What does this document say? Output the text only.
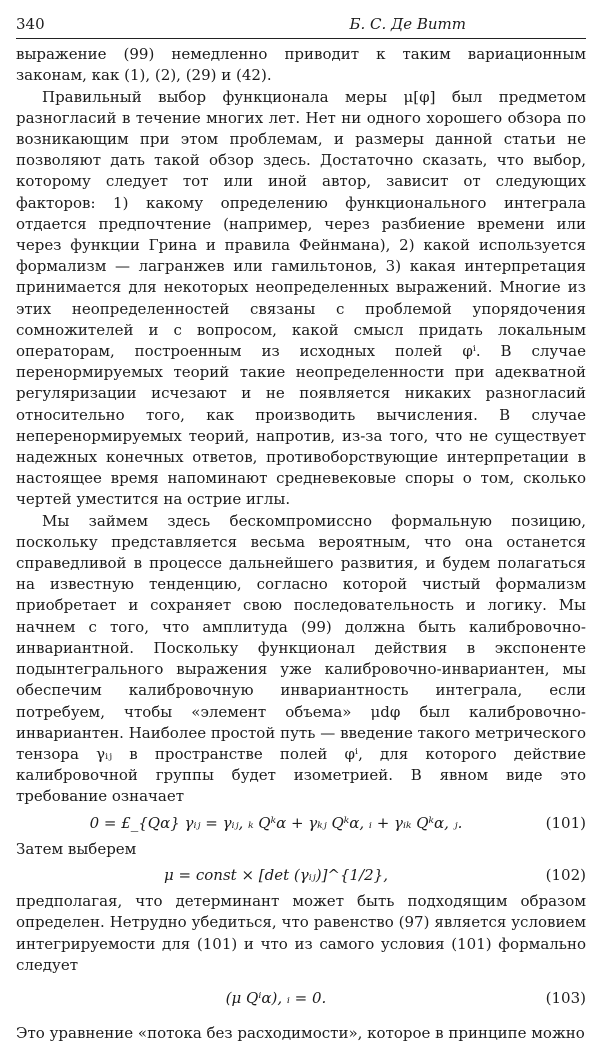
340	Б. С. Де Витт

выражение (99) немедленно приводит к таким вариационным законам, как (1), (2), (29) и (42).

Правильный выбор функционала меры μ[φ] был предметом разногласий в течение многих лет. Нет ни одного хорошего обзора по возникающим при этом проблемам, и размеры данной статьи не позволяют дать такой обзор здесь. Достаточно сказать, что выбор, которому следует тот или иной автор, зависит от следующих факторов: 1) какому определению функционального интеграла отдается предпочтение (например, через разбиение времени или через функции Грина и правила Фейнмана), 2) какой используется формализм — лагранжев или гамильтонов, 3) какая интерпретация принимается для некоторых неопределенных выражений. Многие из этих неопределенностей связаны с проблемой упорядочения сомножителей и с вопросом, какой смысл придать локальным операторам, построенным из исходных полей φⁱ. В случае перенормируемых теорий такие неопределенности при адекватной регуляризации исчезают и не появляется никаких разногласий относительно того, как производить вычисления. В случае неперенормируемых теорий, напротив, из-за того, что не существует надежных конечных ответов, противоборствующие интерпретации в настоящее время напоминают средневековые споры о том, сколько чертей уместится на острие иглы.

Мы займем здесь бескомпромиссно формальную позицию, поскольку представляется весьма вероятным, что она останется справедливой в процессе дальнейшего развития, и будем полагаться на известную тенденцию, согласно которой чистый формализм приобретает и сохраняет свою последовательность и логику. Мы начнем с того, что амплитуда (99) должна быть калибровочно-инвариантной. Поскольку функционал действия в экспоненте подынтегрального выражения уже калибровочно-инвариантен, мы обеспечим калибровочную инвариантность интеграла, если потребуем, чтобы «элемент объема» μdφ был калибровочно-инвариантен. Наиболее простой путь — введение такого метрического тензора γᵢⱼ в пространстве полей φⁱ, для которого действие калибровочной группы будет изометрией. В явном виде это требование означает

0 = £_{Qα} γᵢⱼ = γᵢⱼ, ₖ Qᵏα + γₖⱼ Qᵏα, ᵢ + γᵢₖ Qᵏα, ⱼ.	(101)

Затем выберем

μ = const × [det (γᵢⱼ)]^{1/2},	(102)

предполагая, что детерминант может быть подходящим образом определен. Нетрудно убедиться, что равенство (97) является условием интегрируемости для (101) и что из самого условия (101) формально следует

(μ Qⁱα), ᵢ = 0.	(103)

Это уравнение «потока без расходимости», которое в принципе можно
